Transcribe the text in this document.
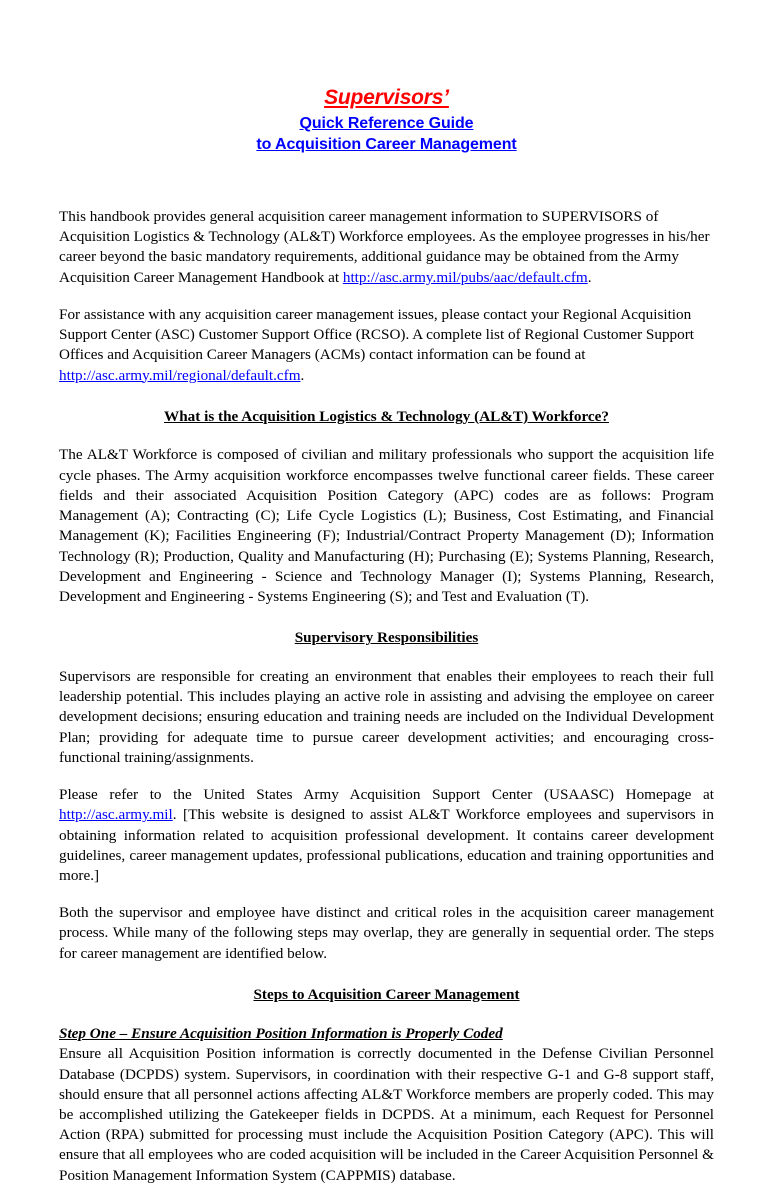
Supervisors’
Quick Reference Guide
to Acquisition Career Management

This handbook provides general acquisition career management information to SUPERVISORS of Acquisition Logistics & Technology (AL&T) Workforce employees. As the employee progresses in his/her career beyond the basic mandatory requirements, additional guidance may be obtained from the Army Acquisition Career Management Handbook at http://asc.army.mil/pubs/aac/default.cfm.

For assistance with any acquisition career management issues, please contact your Regional Acquisition Support Center (ASC) Customer Support Office (RCSO). A complete list of Regional Customer Support Offices and Acquisition Career Managers (ACMs) contact information can be found at http://asc.army.mil/regional/default.cfm.

What is the Acquisition Logistics & Technology (AL&T) Workforce?

The AL&T Workforce is composed of civilian and military professionals who support the acquisition life cycle phases. The Army acquisition workforce encompasses twelve functional career fields. These career fields and their associated Acquisition Position Category (APC) codes are as follows: Program Management (A); Contracting (C); Life Cycle Logistics (L); Business, Cost Estimating, and Financial Management (K); Facilities Engineering (F); Industrial/Contract Property Management (D); Information Technology (R); Production, Quality and Manufacturing (H); Purchasing (E); Systems Planning, Research, Development and Engineering - Science and Technology Manager (I); Systems Planning, Research, Development and Engineering - Systems Engineering (S); and Test and Evaluation (T).

Supervisory Responsibilities

Supervisors are responsible for creating an environment that enables their employees to reach their full leadership potential. This includes playing an active role in assisting and advising the employee on career development decisions; ensuring education and training needs are included on the Individual Development Plan; providing for adequate time to pursue career development activities; and encouraging cross-functional training/assignments.

Please refer to the United States Army Acquisition Support Center (USAASC) Homepage at http://asc.army.mil. [This website is designed to assist AL&T Workforce employees and supervisors in obtaining information related to acquisition professional development. It contains career development guidelines, career management updates, professional publications, education and training opportunities and more.]

Both the supervisor and employee have distinct and critical roles in the acquisition career management process. While many of the following steps may overlap, they are generally in sequential order. The steps for career management are identified below.

Steps to Acquisition Career Management
Step One – Ensure Acquisition Position Information is Properly Coded

Ensure all Acquisition Position information is correctly documented in the Defense Civilian Personnel Database (DCPDS) system. Supervisors, in coordination with their respective G-1 and G-8 support staff, should ensure that all personnel actions affecting AL&T Workforce members are properly coded. This may be accomplished utilizing the Gatekeeper fields in DCPDS. At a minimum, each Request for Personnel Action (RPA) submitted for processing must include the Acquisition Position Category (APC). This will ensure that all employees who are coded acquisition will be included in the Career Acquisition Personnel & Position Management Information System (CAPPMIS) database.
